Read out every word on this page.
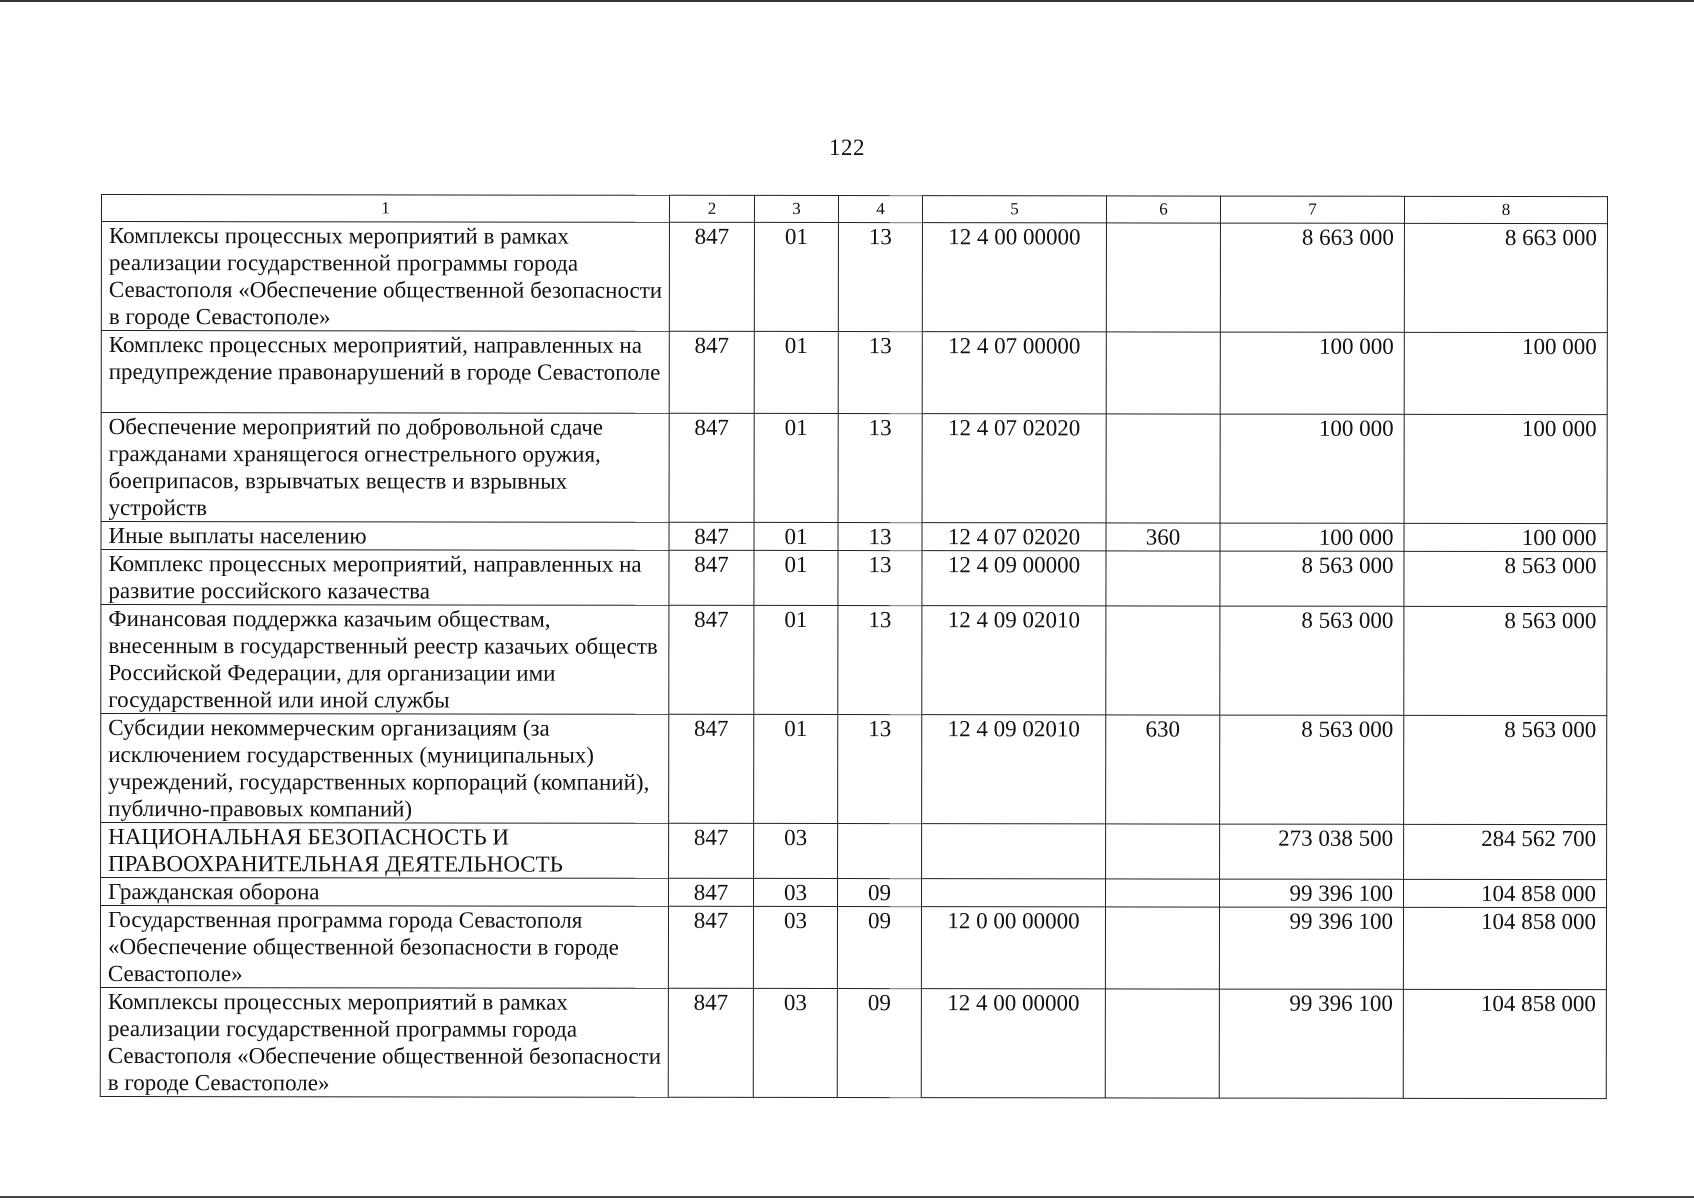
122
1	2	3	4	5	6	7	8
Комплексы процессных мероприятий в рамках реализации государственной программы города Севастополя «Обеспечение общественной безопасности в городе Севастополе»	847	01	13	12 4 00 00000		8 663 000	8 663 000
Комплекс процессных мероприятий, направленных на предупреждение правонарушений в городе Севастополе	847	01	13	12 4 07 00000		100 000	100 000
Обеспечение мероприятий по добровольной сдаче гражданами хранящегося огнестрельного оружия, боеприпасов, взрывчатых веществ и взрывных устройств	847	01	13	12 4 07 02020		100 000	100 000
Иные выплаты населению	847	01	13	12 4 07 02020	360	100 000	100 000
Комплекс процессных мероприятий, направленных на развитие российского казачества	847	01	13	12 4 09 00000		8 563 000	8 563 000
Финансовая поддержка казачьим обществам, внесенным в государственный реестр казачьих обществ Российской Федерации, для организации ими государственной или иной службы	847	01	13	12 4 09 02010		8 563 000	8 563 000
Субсидии некоммерческим организациям (за исключением государственных (муниципальных) учреждений, государственных корпораций (компаний), публично-правовых компаний)	847	01	13	12 4 09 02010	630	8 563 000	8 563 000
НАЦИОНАЛЬНАЯ БЕЗОПАСНОСТЬ И ПРАВООХРАНИТЕЛЬНАЯ ДЕЯТЕЛЬНОСТЬ	847	03				273 038 500	284 562 700
Гражданская оборона	847	03	09			99 396 100	104 858 000
Государственная программа города Севастополя «Обеспечение общественной безопасности в городе Севастополе»	847	03	09	12 0 00 00000		99 396 100	104 858 000
Комплексы процессных мероприятий в рамках реализации государственной программы города Севастополя «Обеспечение общественной безопасности в городе Севастополе»	847	03	09	12 4 00 00000		99 396 100	104 858 000
